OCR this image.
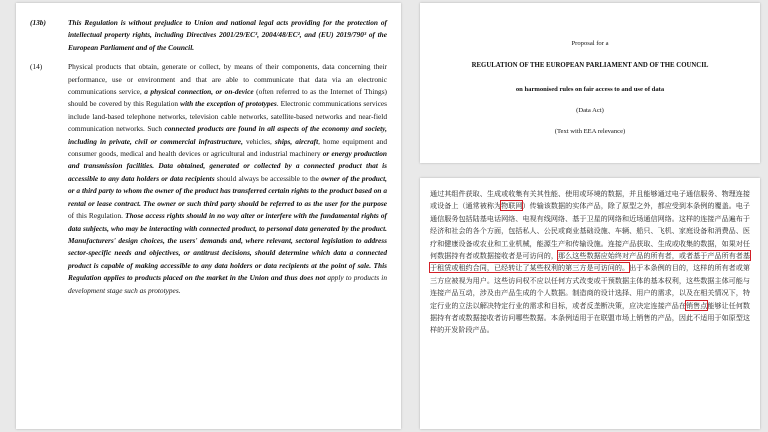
(13b)	This Regulation is without prejudice to Union and national legal acts providing for the protection of intellectual property rights, including Directives 2001/29/EC³, 2004/48/EC², and (EU) 2019/790³ of the European Parliament and of the Council.
(14)	Physical products that obtain, generate or collect, by means of their components, data concerning their performance, use or environment and that are able to communicate that data via an electronic communications service, a physical connection, or on-device (often referred to as the Internet of Things) should be covered by this Regulation with the exception of prototypes. Electronic communications services include land-based telephone networks, television cable networks, satellite-based networks and near-field communication networks. Such connected products are found in all aspects of the economy and society, including in private, civil or commercial infrastructure, vehicles, ships, aircraft, home equipment and consumer goods, medical and health devices or agricultural and industrial machinery or energy production and transmission facilities. Data obtained, generated or collected by a connected product that is accessible to any data holders or data recipients should always be accessible to the owner of the product, or a third party to whom the owner of the product has transferred certain rights to the product based on a rental or lease contract. The owner or such third party should be referred to as the user for the purpose of this Regulation. Those access rights should in no way alter or interfere with the fundamental rights of data subjects, who may be interacting with connected product, to personal data generated by the product. Manufacturers' design choices, the users' demands and, where relevant, sectoral legislation to address sector-specific needs and objectives, or antitrust decisions, should determine which data a connected product is capable of making accessible to any data holders or data recipients at the point of sale. This Regulation applies to products placed on the market in the Union and thus does not apply to products in development stage such as prototypes.
Proposal for a
REGULATION OF THE EUROPEAN PARLIAMENT AND OF THE COUNCIL
on harmonised rules on fair access to and use of data
(Data Act)
(Text with EEA relevance)
通过其组件获取、生成或收集有关其性能、使用或环境的数据，并且能够通过电子通信服务、物理连接或设备上（通常被称为物联网）传输该数据的实体产品，除了原型之外，都应受到本条例的覆盖。电子通信服务包括陆基电话网络、电视有线网络、基于卫星的网络和近场通信网络。这样的连接产品遍布于经济和社会的各个方面，包括私人、公民或商业基础设施、车辆、船只、飞机、家庭设备和消费品、医疗和健康设备或农业和工业机械，能源生产和传输设施。连接产品获取、生成或收集的数据，如果对任何数据持有者或数据接收者是可访问的，那么这些数据应始终对产品的所有者，或者基于产品所有者基于租赁或租约合同，已经转让了某些权利的第三方是可访问的。出于本条例的目的，这样的所有者或第三方应被视为用户。这些访问权不应以任何方式改变或干预数据主体的基本权利，这些数据主体可能与连接产品互动，涉及由产品生成的个人数据。制造商的设计选择、用户的需求，以及在相关情况下，特定行业的立法以解决特定行业的需求和目标，或者反垄断决策，应决定连接产品在销售点能够让任何数据持有者或数据接收者访问哪些数据。本条例适用于在联盟市场上销售的产品，因此不适用于如原型这样的开发阶段产品。
